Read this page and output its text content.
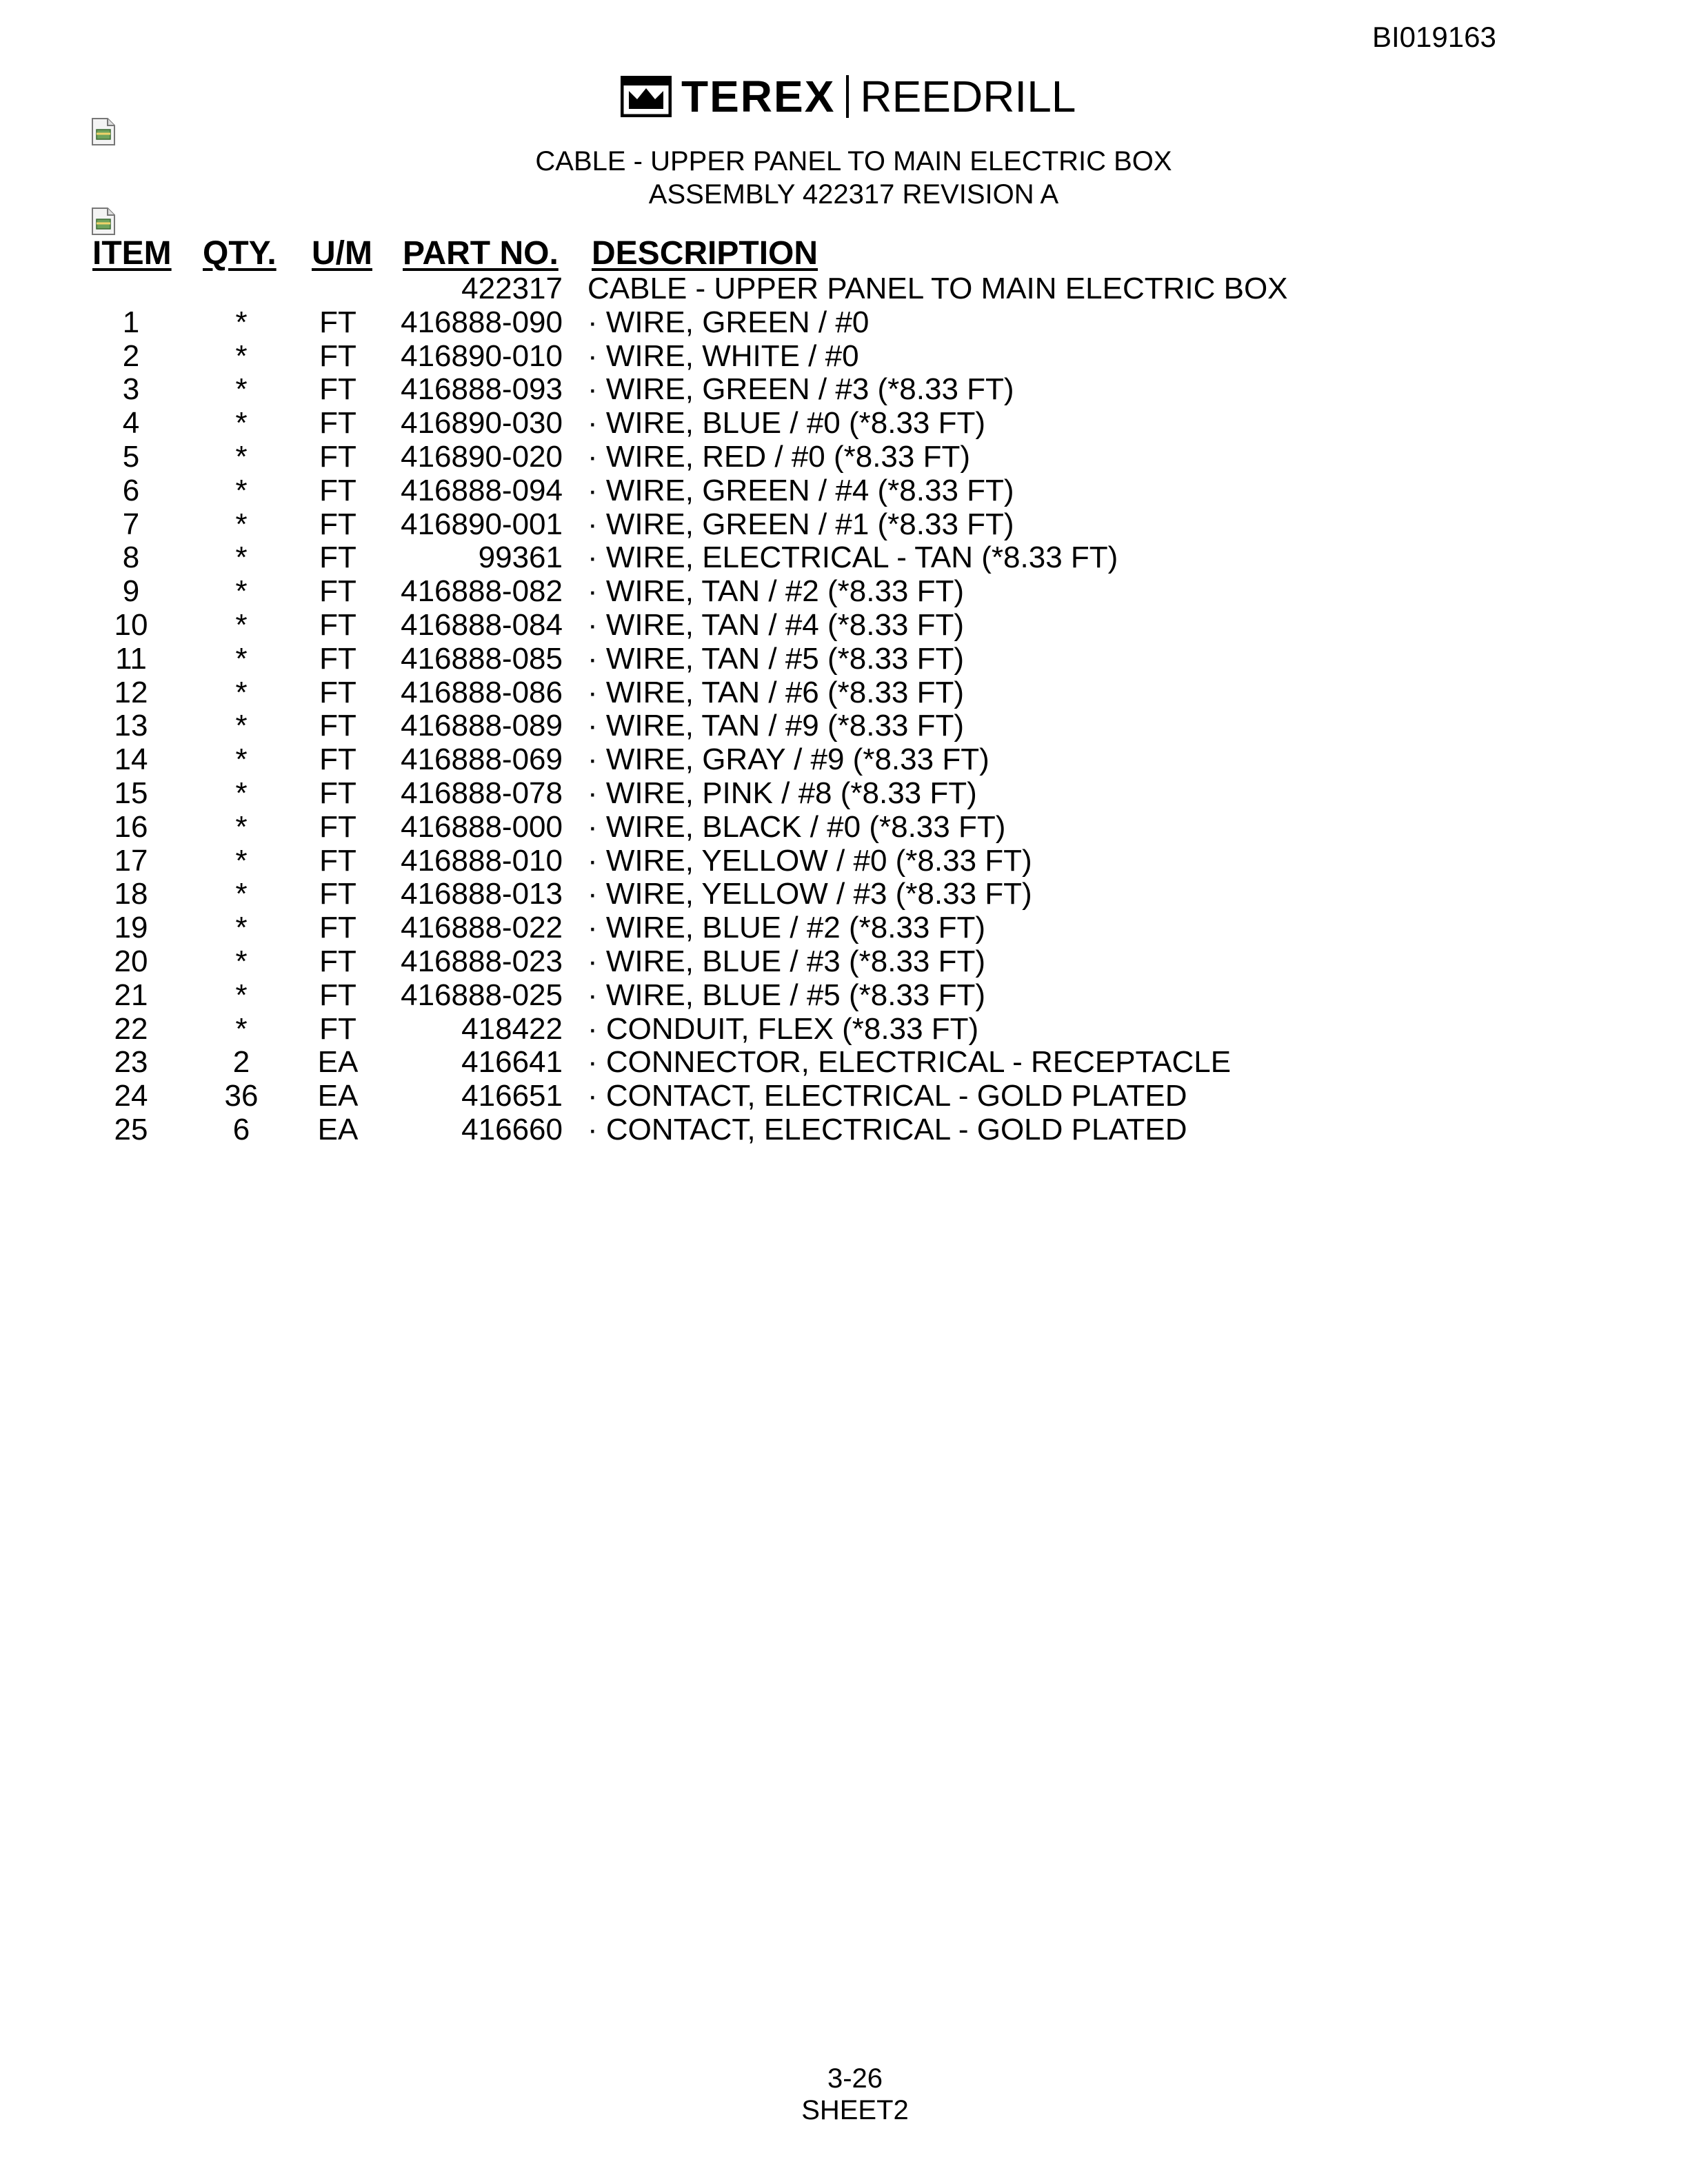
BI019163
TEREX REEDRILL
CABLE - UPPER PANEL TO MAIN ELECTRIC BOX
ASSEMBLY 422317 REVISION A
ITEM QTY. U/M PART NO. DESCRIPTION
422317 CABLE - UPPER PANEL TO MAIN ELECTRIC BOX
1	*	FT	416888-090 · WIRE, GREEN / #0
2	*	FT	416890-010 · WIRE, WHITE / #0
3	*	FT	416888-093 · WIRE, GREEN / #3 (*8.33 FT)
4	*	FT	416890-030 · WIRE, BLUE / #0 (*8.33 FT)
5	*	FT	416890-020 · WIRE, RED / #0 (*8.33 FT)
6	*	FT	416888-094 · WIRE, GREEN / #4 (*8.33 FT)
7	*	FT	416890-001 · WIRE, GREEN / #1 (*8.33 FT)
8	*	FT	99361 · WIRE, ELECTRICAL - TAN (*8.33 FT)
9	*	FT	416888-082 · WIRE, TAN / #2 (*8.33 FT)
10	*	FT	416888-084 · WIRE, TAN / #4 (*8.33 FT)
11	*	FT	416888-085 · WIRE, TAN / #5 (*8.33 FT)
12	*	FT	416888-086 · WIRE, TAN / #6 (*8.33 FT)
13	*	FT	416888-089 · WIRE, TAN / #9 (*8.33 FT)
14	*	FT	416888-069 · WIRE, GRAY / #9 (*8.33 FT)
15	*	FT	416888-078 · WIRE, PINK / #8 (*8.33 FT)
16	*	FT	416888-000 · WIRE, BLACK / #0 (*8.33 FT)
17	*	FT	416888-010 · WIRE, YELLOW / #0 (*8.33 FT)
18	*	FT	416888-013 · WIRE, YELLOW / #3 (*8.33 FT)
19	*	FT	416888-022 · WIRE, BLUE / #2 (*8.33 FT)
20	*	FT	416888-023 · WIRE, BLUE / #3 (*8.33 FT)
21	*	FT	416888-025 · WIRE, BLUE / #5 (*8.33 FT)
22	*	FT	418422 · CONDUIT, FLEX (*8.33 FT)
23	2	EA	416641 · CONNECTOR, ELECTRICAL - RECEPTACLE
24	36	EA	416651 · CONTACT, ELECTRICAL - GOLD PLATED
25	6	EA	416660 · CONTACT, ELECTRICAL - GOLD PLATED
3-26
SHEET2
